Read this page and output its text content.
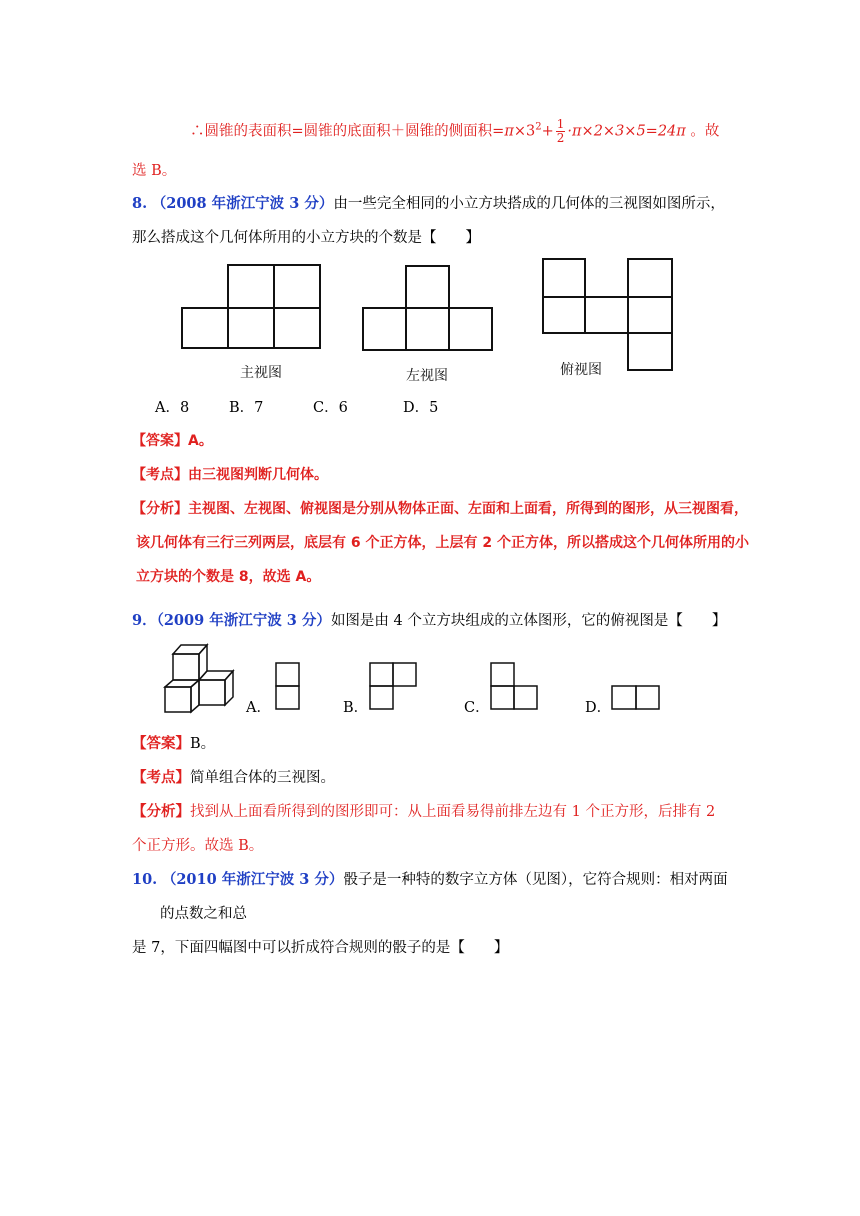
∴圆锥的表面积=圆锥的底面积＋圆锥的侧面积$=\pi\times 3^2+ \frac{1}{2} \cdot\pi\times 2\times 3\times 5=24\pi$ 。故
选 B。
8. （2008 年浙江宁波 3 分）由一些完全相同的小立方块搭成的几何体的三视图如图所示，
那么搭成这个几何体所用的小立方块的个数是【　　】
主视图	左视图	俯视图
A．8	B．7	C．6	D．5
【答案】A。
【考点】由三视图判断几何体。
【分析】主视图、左视图、俯视图是分别从物体正面、左面和上面看，所得到的图形，从三视图看，
该几何体有三行三列两层，底层有 6 个正方体，上层有 2 个正方体，所以搭成这个几何体所用的小
立方块的个数是 8，故选 A。
9．（2009 年浙江宁波 3 分）如图是由 4 个立方块组成的立体图形，它的俯视图是【　　】
A．	B．	C．	D．
【答案】B。
【考点】简单组合体的三视图。
【分析】找到从上面看所得到的图形即可：从上面看易得前排左边有 1 个正方形，后排有 2
个正方形。故选 B。
10. （2010 年浙江宁波 3 分）骰子是一种特的数字立方体（见图），它符合规则：相对两面
的点数之和总
是 7，下面四幅图中可以折成符合规则的骰子的是【　　】
